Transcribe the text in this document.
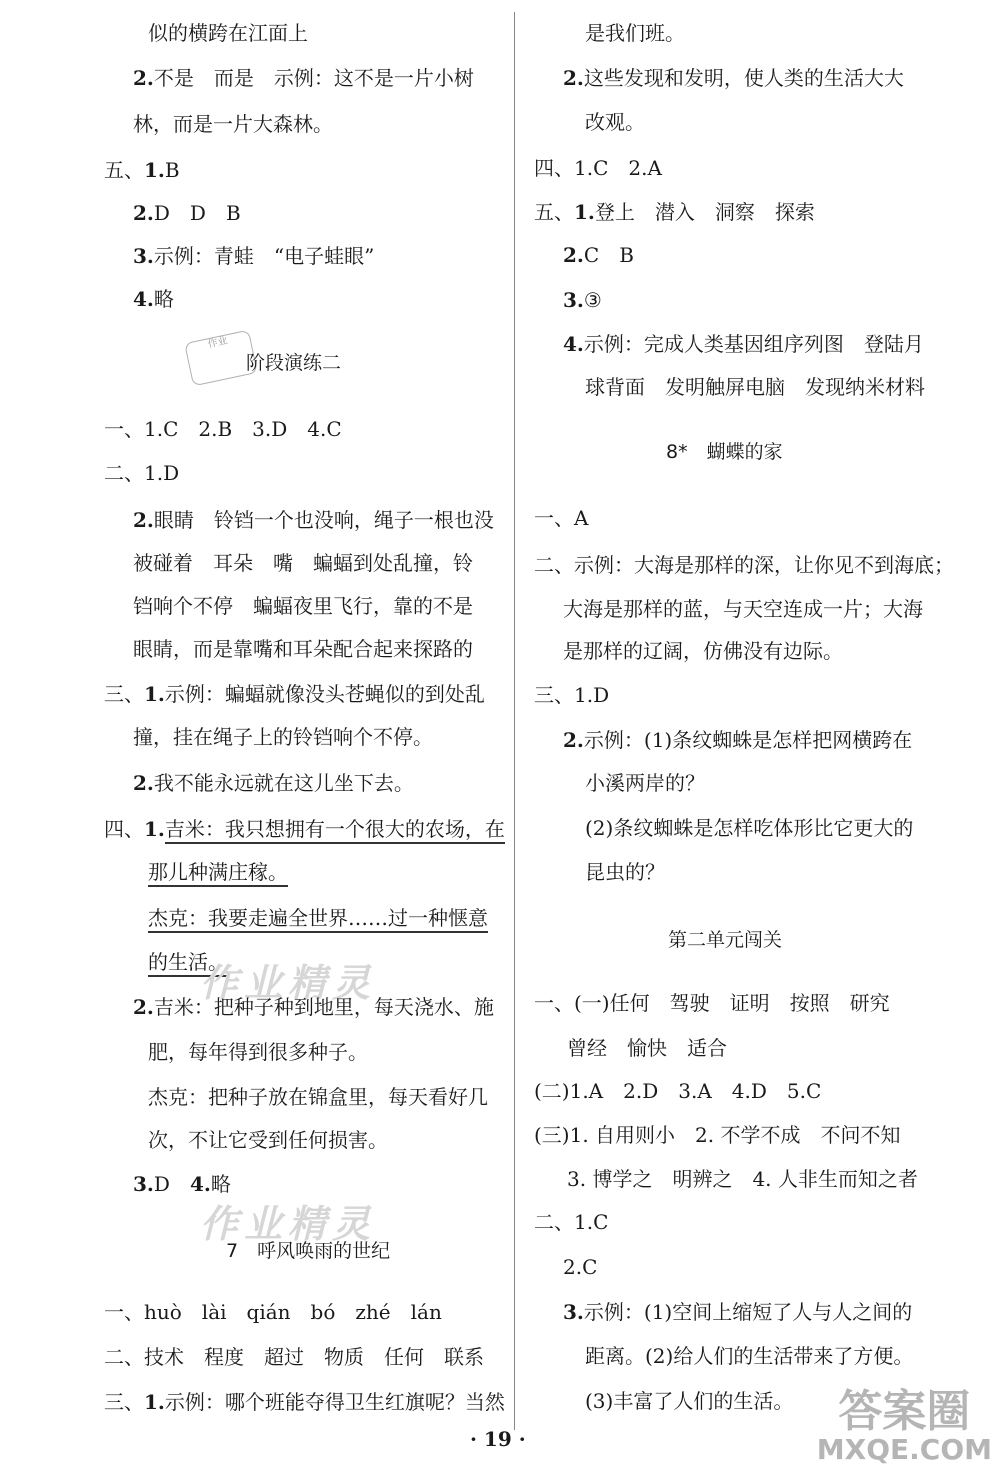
似的横跨在江面上
2.不是　而是　示例：这不是一片小树
林，而是一片大森林。
五、1.B
2.D　D　B
3.示例：青蛙　“电子蛙眼”
4.略
作业
阶段演练二
一、1.C　2.B　3.D　4.C
二、1.D
2.眼睛　铃铛一个也没响，绳子一根也没
被碰着　耳朵　嘴　蝙蝠到处乱撞，铃
铛响个不停　蝙蝠夜里飞行，靠的不是
眼睛，而是靠嘴和耳朵配合起来探路的
三、1.示例：蝙蝠就像没头苍蝇似的到处乱
撞，挂在绳子上的铃铛响个不停。
2.我不能永远就在这儿坐下去。
四、1.吉米：我只想拥有一个很大的农场，在
那儿种满庄稼。
杰克：我要走遍全世界……过一种惬意
的生活。
作业精灵
2.吉米：把种子种到地里，每天浇水、施
肥，每年得到很多种子。
杰克：把种子放在锦盒里，每天看好几
次，不让它受到任何损害。
3.D　 4.略
作业精灵
7　呼风唤雨的世纪
一、huò　lài　qián　bó　zhé　lán
二、技术　程度　超过　物质　任何　联系
三、1.示例：哪个班能夺得卫生红旗呢？当然
是我们班。
2.这些发现和发明，使人类的生活大大
改观。
四、1.C　2.A
五、1.登上　潜入　洞察　探索
2.C　B
3.③
4.示例：完成人类基因组序列图　登陆月
球背面　发明触屏电脑　发现纳米材料
8*　蝴蝶的家
一、A
二、示例：大海是那样的深，让你见不到海底；
大海是那样的蓝，与天空连成一片；大海
是那样的辽阔，仿佛没有边际。
三、1.D
2.示例：(1)条纹蜘蛛是怎样把网横跨在
小溪两岸的？
(2)条纹蜘蛛是怎样吃体形比它更大的
昆虫的？
第二单元闯关
一、(一)任何　驾驶　证明　按照　研究
曾经　愉快　适合
(二)1.A　2.D　3.A　4.D　5.C
(三)1. 自用则小　2. 不学不成　不问不知
3. 博学之　明辨之　4. 人非生而知之者
二、1.C
2.C
3.示例：(1)空间上缩短了人与人之间的
距离。(2)给人们的生活带来了方便。
(3)丰富了人们的生活。
· 19 ·
答案圈
MXQE.COM
